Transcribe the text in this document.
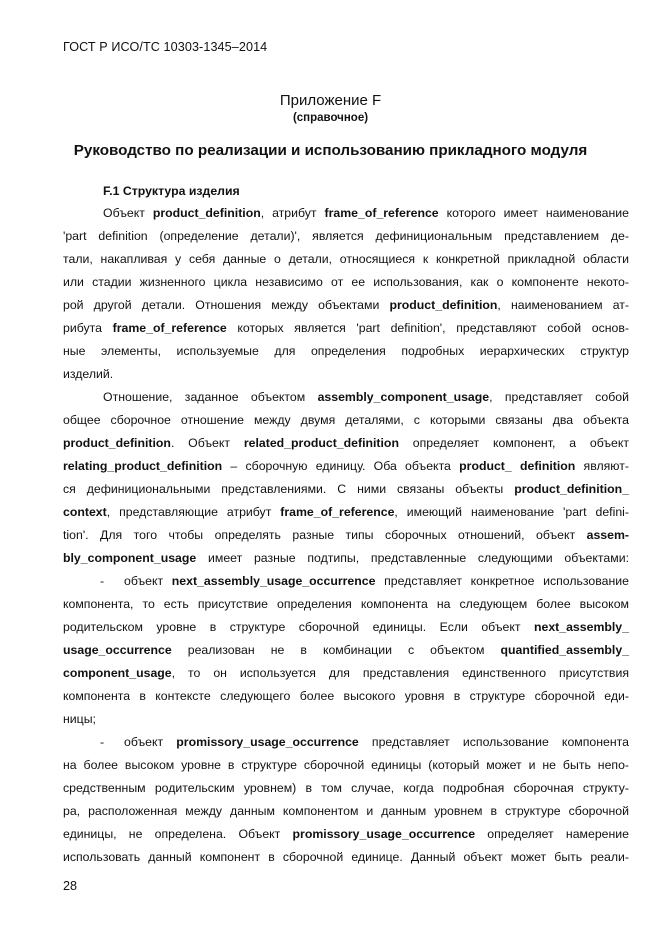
ГОСТ Р ИСО/ТС 10303-1345–2014
Приложение F
(справочное)
Руководство по реализации и использованию прикладного модуля
F.1 Структура изделия
Объект product_definition, атрибут frame_of_reference которого имеет наименование
'part definition (определение детали)', является дефинициональным представлением де-
тали, накапливая у себя данные о детали, относящиеся к конкретной прикладной области
или стадии жизненного цикла независимо от ее использования, как о компоненте некото-
рой другой детали. Отношения между объектами product_definition, наименованием ат-
рибута frame_of_reference которых является 'part definition', представляют собой основ-
ные элементы, используемые для определения подробных иерархических структур
изделий.
Отношение, заданное объектом assembly_component_usage, представляет собой
общее сборочное отношение между двумя деталями, с которыми связаны два объекта
product_definition. Объект related_product_definition определяет компонент, а объект
relating_product_definition – сборочную единицу. Оба объекта product_ definition являют-
ся дефинициональными представлениями. С ними связаны объекты product_definition_
context, представляющие атрибут frame_of_reference, имеющий наименование 'part defini-
tion'. Для того чтобы определять разные типы сборочных отношений, объект assem-
bly_component_usage имеет разные подтипы, представленные следующими объектами:
- объект next_assembly_usage_occurrence представляет конкретное использование
компонента, то есть присутствие определения компонента на следующем более высоком
родительском уровне в структуре сборочной единицы. Если объект next_assembly_
usage_occurrence реализован не в комбинации с объектом quantified_assembly_
component_usage, то он используется для представления единственного присутствия
компонента в контексте следующего более высокого уровня в структуре сборочной еди-
ницы;
- объект promissory_usage_occurrence представляет использование компонента
на более высоком уровне в структуре сборочной единицы (который может и не быть непо-
средственным родительским уровнем) в том случае, когда подробная сборочная структу-
ра, расположенная между данным компонентом и данным уровнем в структуре сборочной
единицы, не определена. Объект promissory_usage_occurrence определяет намерение
использовать данный компонент в сборочной единице. Данный объект может быть реали-
28
